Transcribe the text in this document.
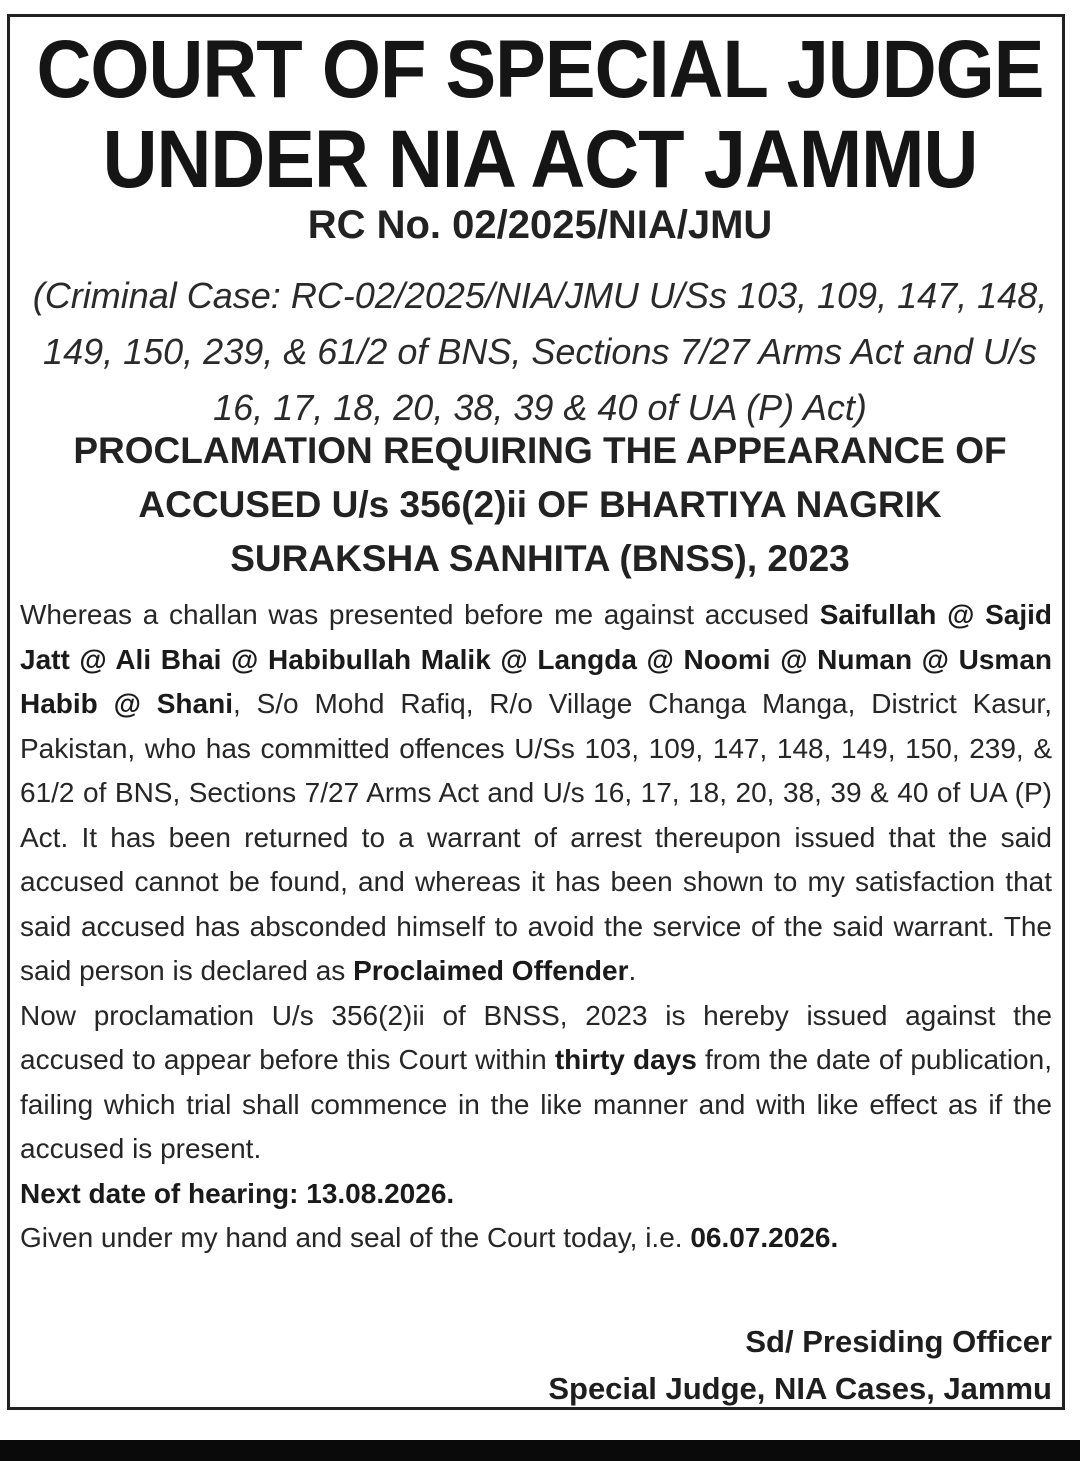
COURT OF SPECIAL JUDGE
UNDER NIA ACT JAMMU
RC No. 02/2025/NIA/JMU
(Criminal Case: RC-02/2025/NIA/JMU U/Ss 103, 109, 147, 148, 149, 150, 239, & 61/2 of BNS, Sections 7/27 Arms Act and U/s 16, 17, 18, 20, 38, 39 & 40 of UA (P) Act)
PROCLAMATION REQUIRING THE APPEARANCE OF ACCUSED U/s 356(2)ii OF BHARTIYA NAGRIK SURAKSHA SANHITA (BNSS), 2023

Whereas a challan was presented before me against accused Saifullah @ Sajid Jatt @ Ali Bhai @ Habibullah Malik @ Langda @ Noomi @ Numan @ Usman Habib @ Shani, S/o Mohd Rafiq, R/o Village Changa Manga, District Kasur, Pakistan, who has committed offences U/Ss 103, 109, 147, 148, 149, 150, 239, & 61/2 of BNS, Sections 7/27 Arms Act and U/s 16, 17, 18, 20, 38, 39 & 40 of UA (P) Act. It has been returned to a warrant of arrest thereupon issued that the said accused cannot be found, and whereas it has been shown to my satisfaction that said accused has absconded himself to avoid the service of the said warrant. The said person is declared as Proclaimed Offender.

Now proclamation U/s 356(2)ii of BNSS, 2023 is hereby issued against the accused to appear before this Court within thirty days from the date of publication, failing which trial shall commence in the like manner and with like effect as if the accused is present.

Next date of hearing: 13.08.2026.

Given under my hand and seal of the Court today, i.e. 06.07.2026.

Sd/ Presiding Officer
Special Judge, NIA Cases, Jammu
